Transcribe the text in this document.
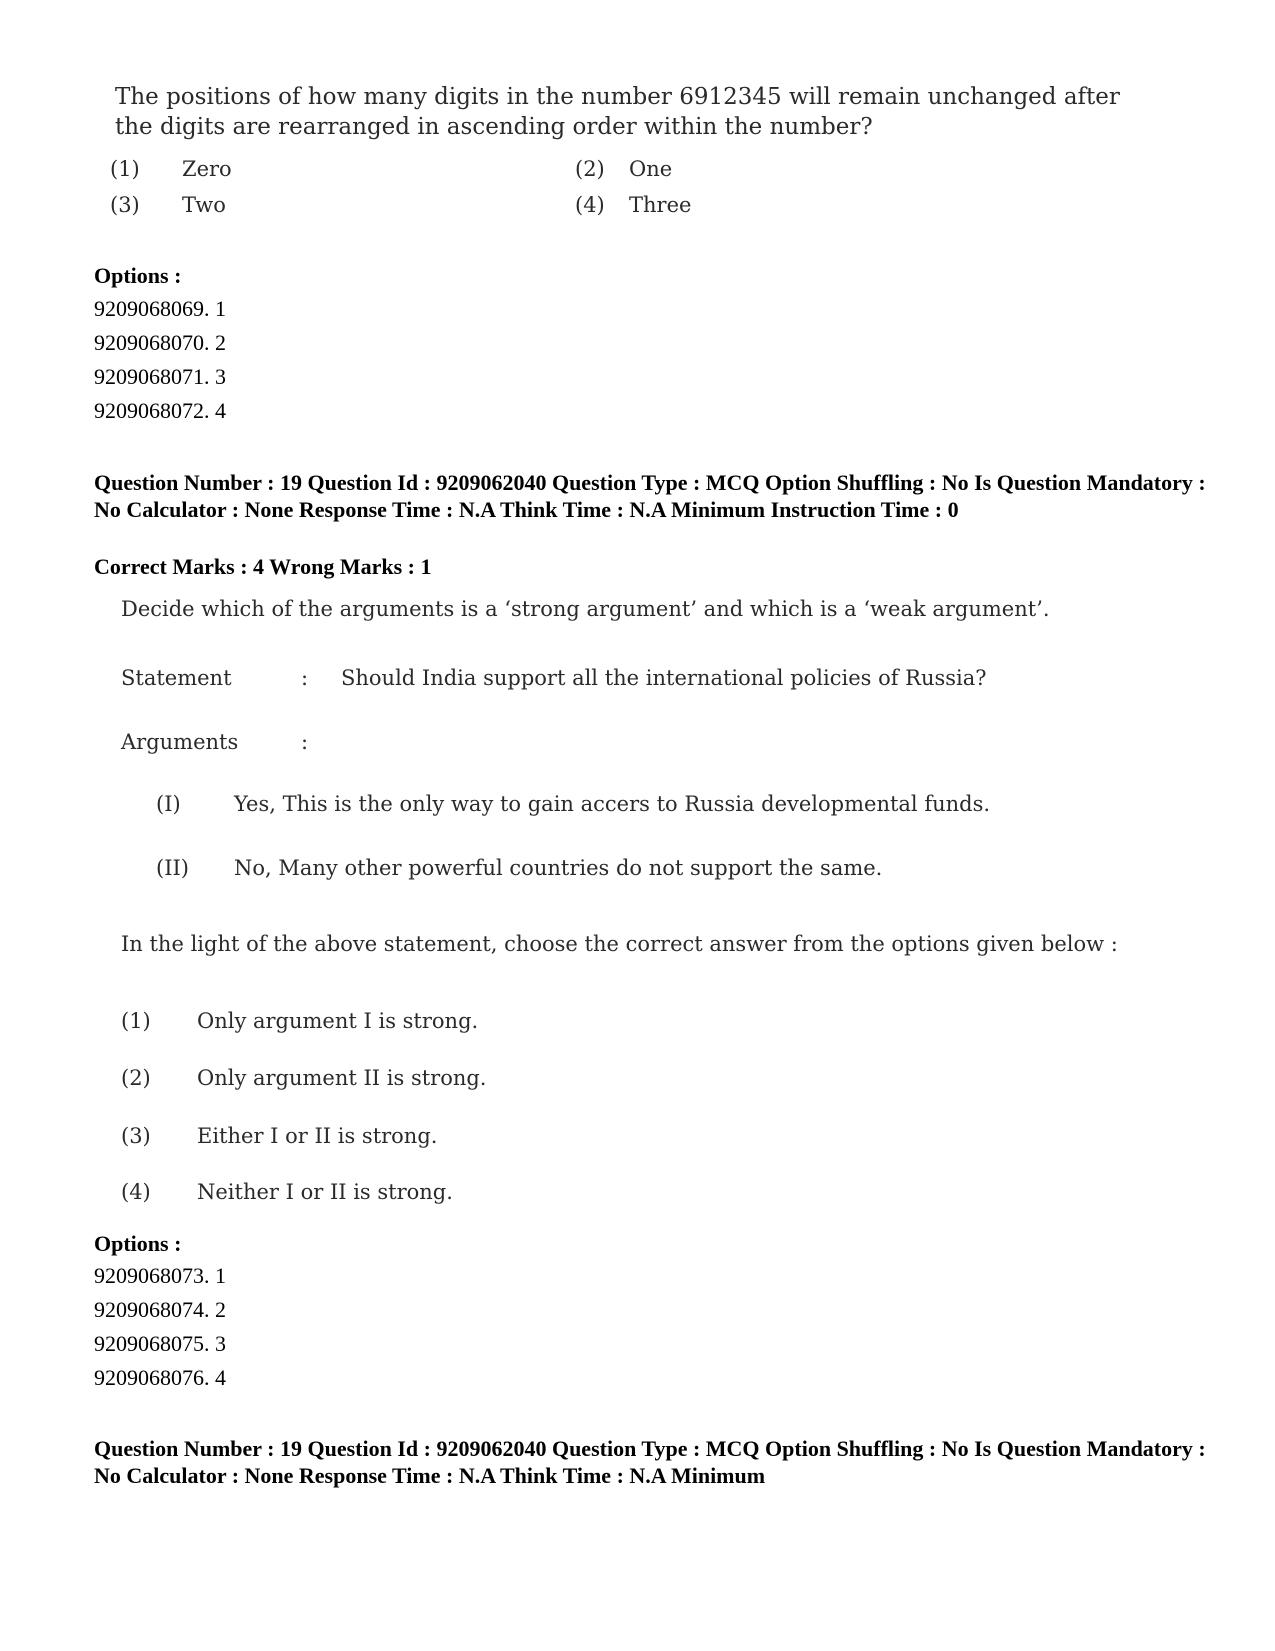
The positions of how many digits in the number 6912345 will remain unchanged after the digits are rearranged in ascending order within the number?
(1)	Zero	(2)	One
(3)	Two	(4)	Three
Options :
9209068069. 1
9209068070. 2
9209068071. 3
9209068072. 4
Question Number : 19 Question Id : 9209062040 Question Type : MCQ Option Shuffling : No Is Question Mandatory : No Calculator : None Response Time : N.A Think Time : N.A Minimum Instruction Time : 0
Correct Marks : 4 Wrong Marks : 1
Decide which of the arguments is a ‘strong argument’ and which is a ‘weak argument’.
Statement	: Should India support all the international policies of Russia?
Arguments	:
(I)	Yes, This is the only way to gain accers to Russia developmental funds.
(II) No, Many other powerful countries do not support the same.
In the light of the above statement, choose the correct answer from the options given below :
(1) Only argument I is strong.
(2) Only argument II is strong.
(3) Either I or II is strong.
(4) Neither I or II is strong.
Options :
9209068073. 1
9209068074. 2
9209068075. 3
9209068076. 4
Question Number : 19 Question Id : 9209062040 Question Type : MCQ Option Shuffling : No Is Question Mandatory : No Calculator : None Response Time : N.A Think Time : N.A Minimum
